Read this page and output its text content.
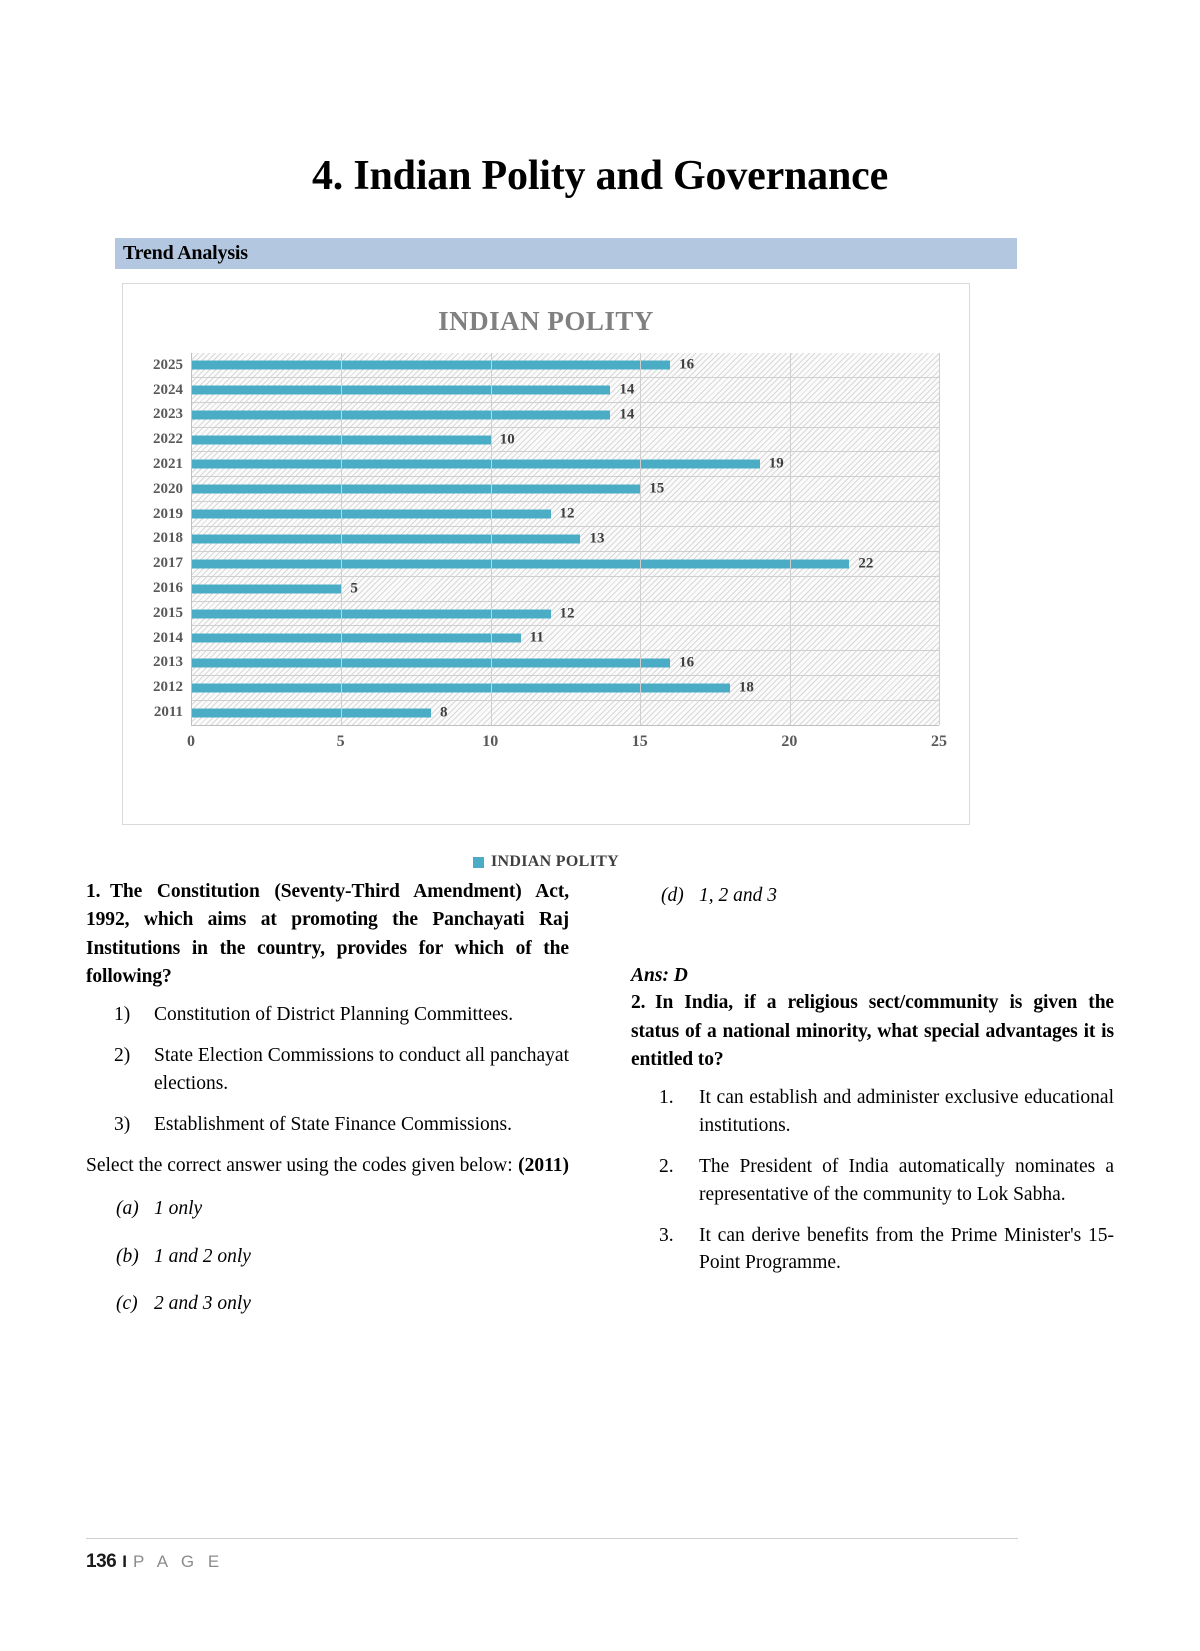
4. Indian Polity and Governance
Trend Analysis
INDIAN POLITY
2025
2024
2023
2022
2021
2020
2019
2018
2017
2016
2015
2014
2013
2012
2011
16
14
14
10
19
15
12
13
22
5
12
11
16
18
8
0	5	10	15	20	25
INDIAN POLITY

1. The Constitution (Seventy-Third Amendment) Act, 1992, which aims at promoting the Panchayati Raj Institutions in the country, provides for which of the following?

1)	Constitution of District Planning Committees.
2)	State Election Commissions to conduct all panchayat elections.
3)	Establishment of State Finance Commissions.

(2011)
Select the correct answer using the codes given below:

(a) 1 only
(b) 1 and 2 only
(c) 2 and 3 only
(d) 1, 2 and 3

Ans: D

2. In India, if a religious sect/community is given the status of a national minority, what special advantages it is entitled to?

1.	It can establish and administer exclusive educational institutions.
2.	The President of India automatically nominates a representative of the community to Lok Sabha.
3.	It can derive benefits from the Prime Minister's 15-Point Programme.
136 I P A G E
